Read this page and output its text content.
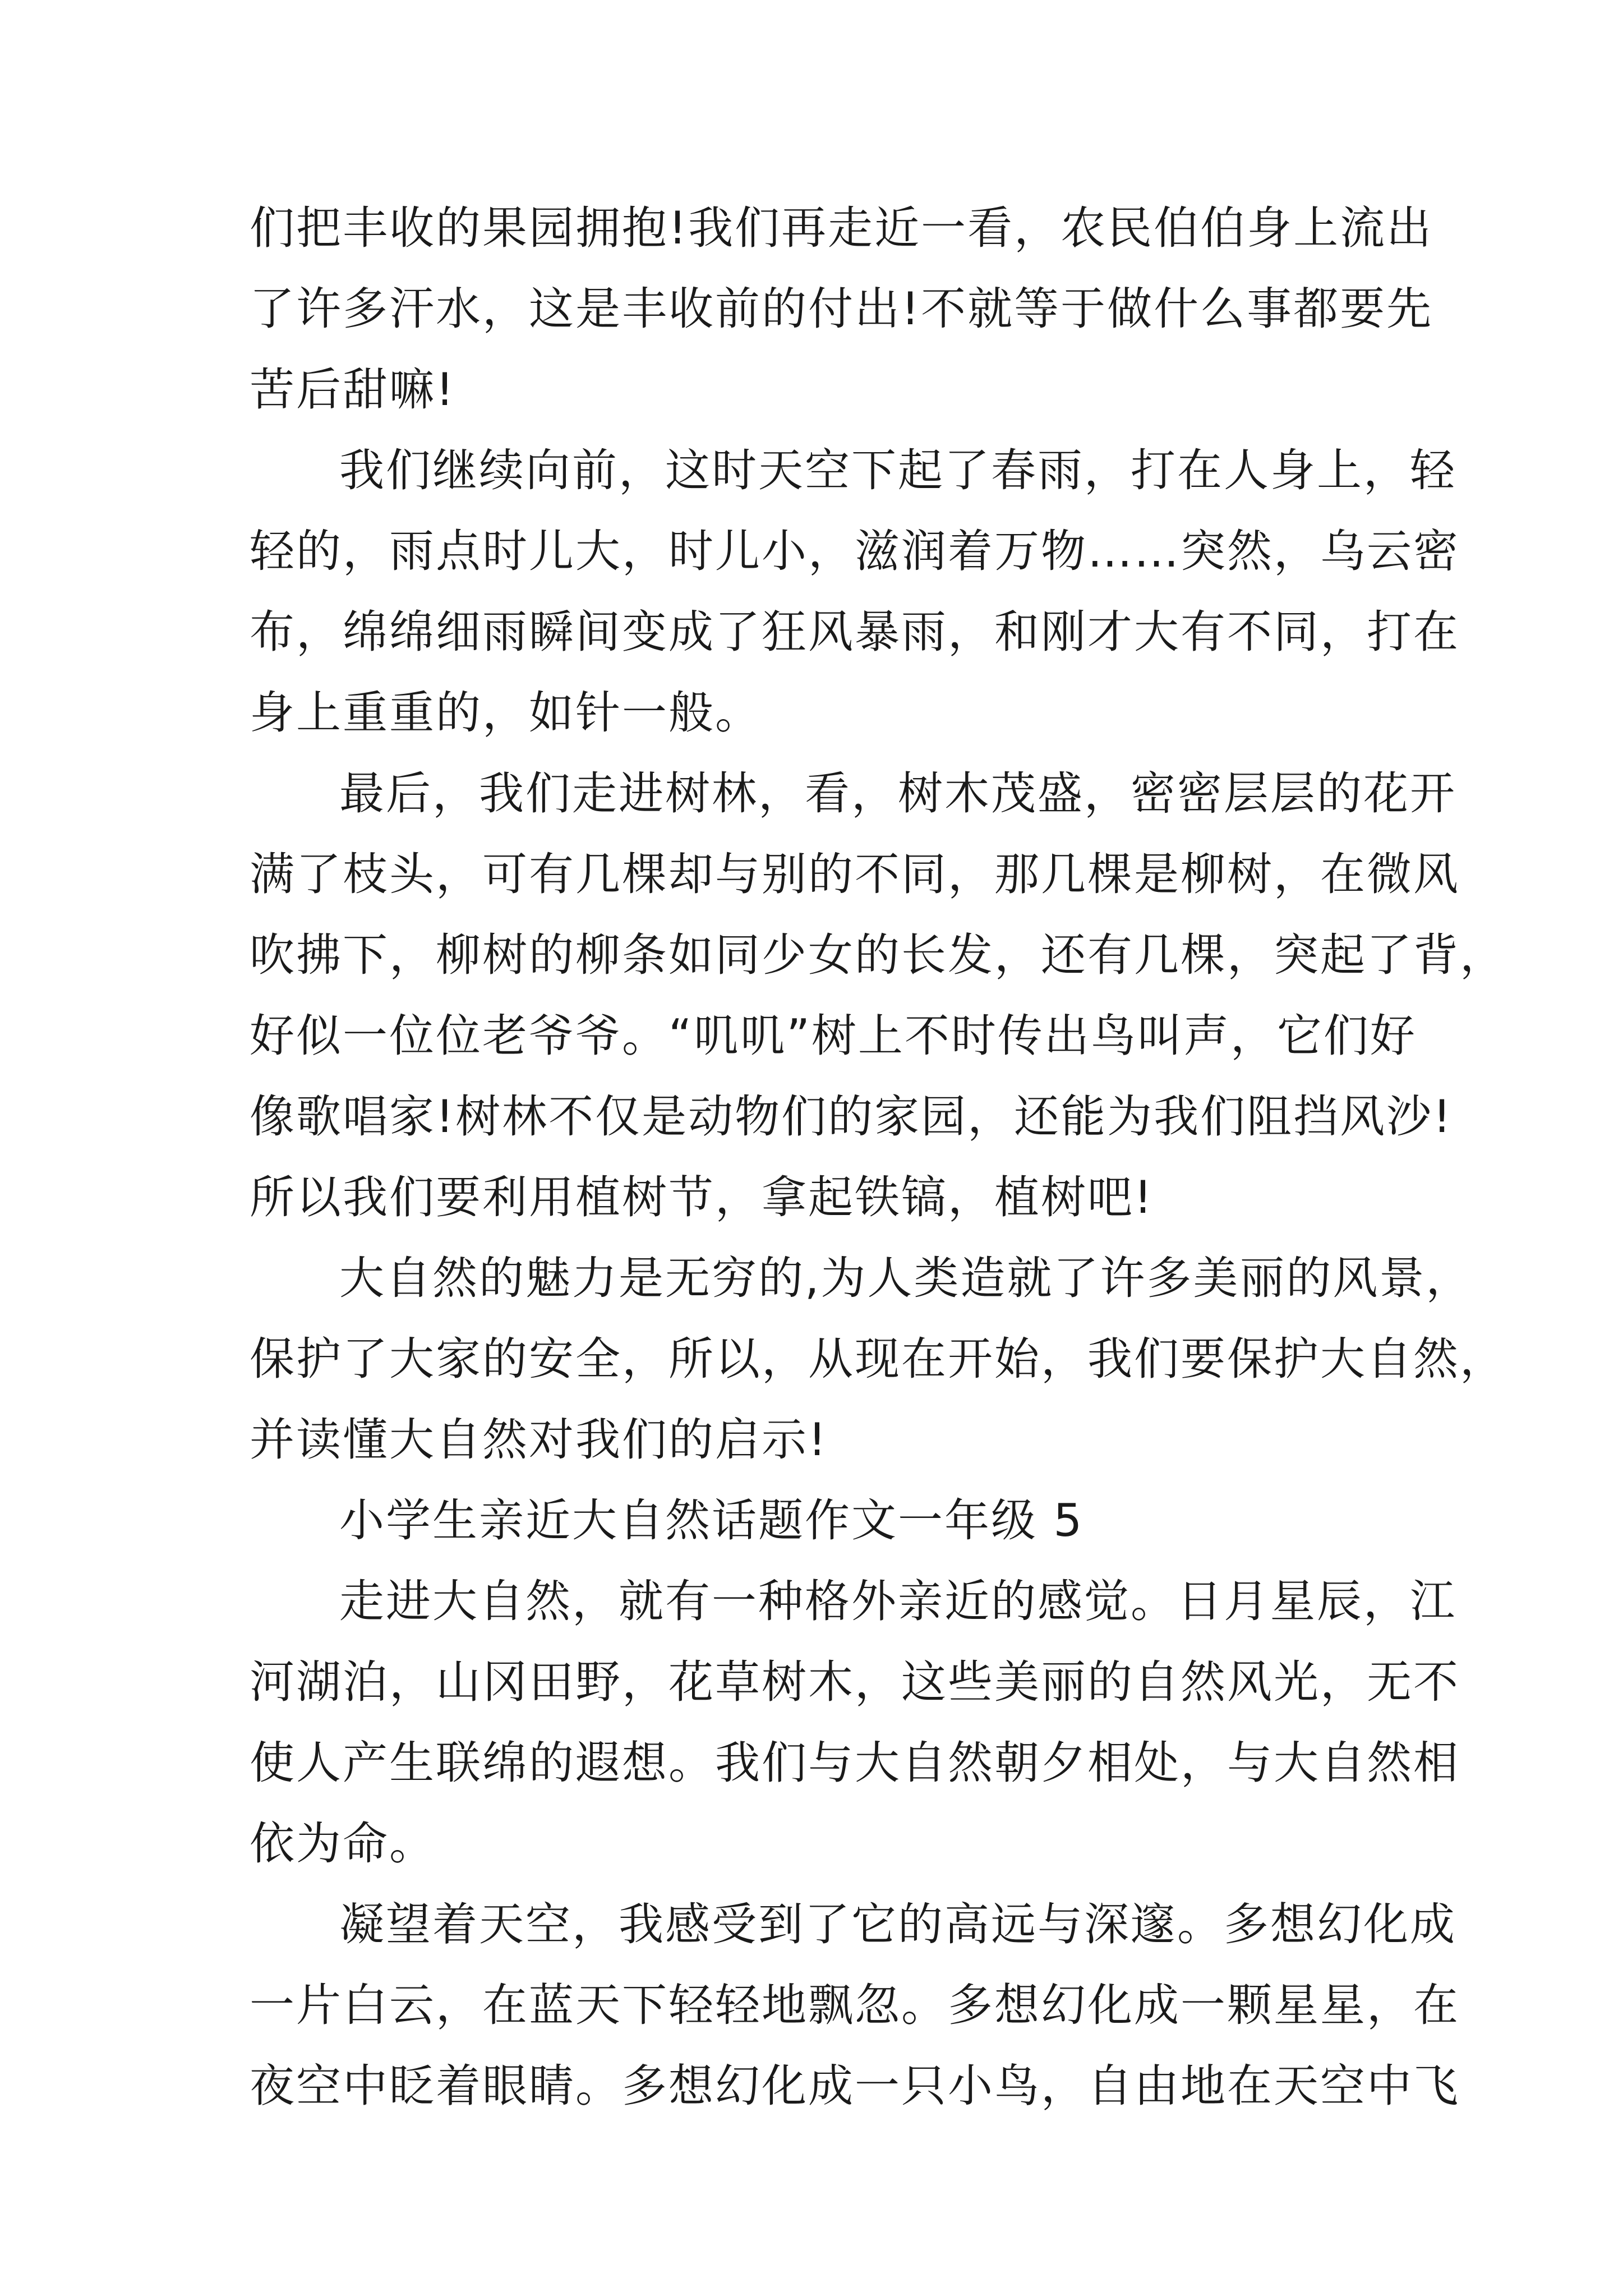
们把丰收的果园拥抱!我们再走近一看，农民伯伯身上流出
了许多汗水，这是丰收前的付出!不就等于做什么事都要先
苦后甜嘛!
我们继续向前，这时天空下起了春雨，打在人身上，轻
轻的，雨点时儿大，时儿小，滋润着万物……突然，乌云密
布，绵绵细雨瞬间变成了狂风暴雨，和刚才大有不同，打在
身上重重的，如针一般。
最后，我们走进树林，看，树木茂盛，密密层层的花开
满了枝头，可有几棵却与别的不同，那几棵是柳树，在微风
吹拂下，柳树的柳条如同少女的长发，还有几棵，突起了背，
好似一位位老爷爷。“叽叽”树上不时传出鸟叫声，它们好
像歌唱家!树林不仅是动物们的家园，还能为我们阻挡风沙!
所以我们要利用植树节，拿起铁镐，植树吧!
大自然的魅力是无穷的,为人类造就了许多美丽的风景，
保护了大家的安全，所以，从现在开始，我们要保护大自然，
并读懂大自然对我们的启示!
小学生亲近大自然话题作文一年级 5
走进大自然，就有一种格外亲近的感觉。日月星辰，江
河湖泊，山冈田野，花草树木，这些美丽的自然风光，无不
使人产生联绵的遐想。我们与大自然朝夕相处，与大自然相
依为命。
凝望着天空，我感受到了它的高远与深邃。多想幻化成
一片白云，在蓝天下轻轻地飘忽。多想幻化成一颗星星，在
夜空中眨着眼睛。多想幻化成一只小鸟，自由地在天空中飞
